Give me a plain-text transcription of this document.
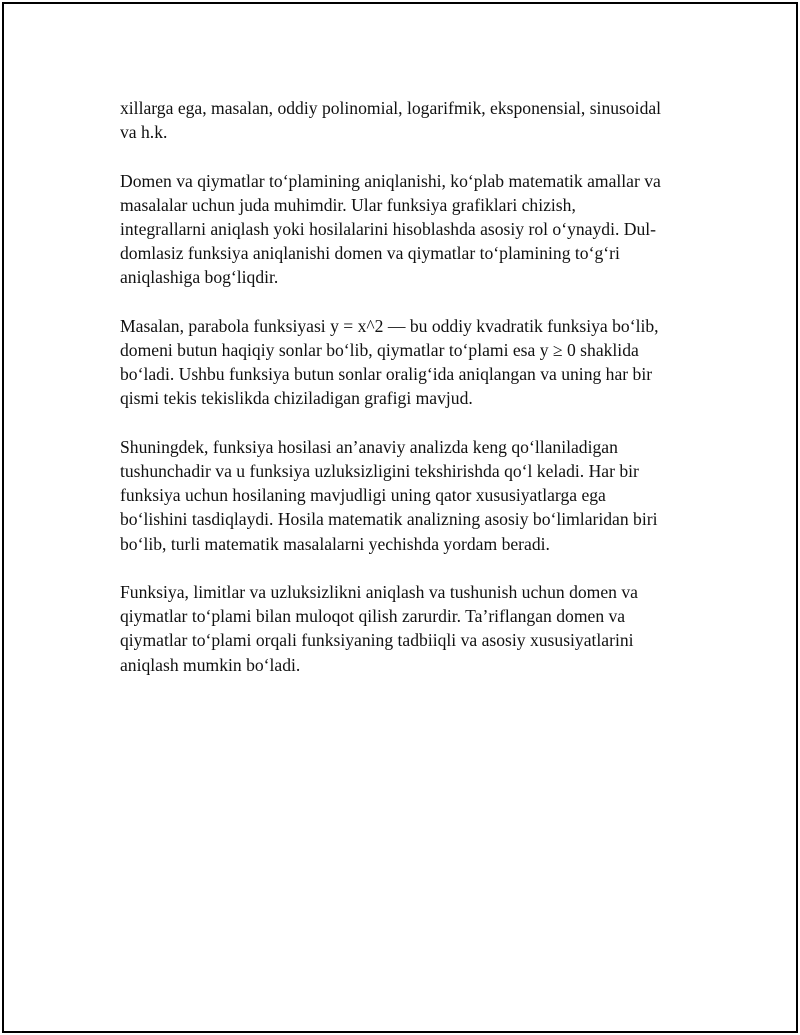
xillarga ega, masalan, oddiy polinomial, logarifmik, eksponensial, sinusoidal
va h.k.

Domen va qiymatlar to‘plamining aniqlanishi, ko‘plab matematik amallar va
masalalar uchun juda muhimdir. Ular funksiya grafiklari chizish,
integrallarni aniqlash yoki hosilalarini hisoblashda asosiy rol o‘ynaydi. Dul-
domlasiz funksiya aniqlanishi domen va qiymatlar to‘plamining to‘g‘ri
aniqlashiga bog‘liqdir.

Masalan, parabola funksiyasi y = x^2 — bu oddiy kvadratik funksiya bo‘lib,
domeni butun haqiqiy sonlar bo‘lib, qiymatlar to‘plami esa y ≥ 0 shaklida
bo‘ladi. Ushbu funksiya butun sonlar oralig‘ida aniqlangan va uning har bir
qismi tekis tekislikda chiziladigan grafigi mavjud.

Shuningdek, funksiya hosilasi an’anaviy analizda keng qo‘llaniladigan
tushunchadir va u funksiya uzluksizligini tekshirishda qo‘l keladi. Har bir
funksiya uchun hosilaning mavjudligi uning qator xususiyatlarga ega
bo‘lishini tasdiqlaydi. Hosila matematik analizning asosiy bo‘limlaridan biri
bo‘lib, turli matematik masalalarni yechishda yordam beradi.

Funksiya, limitlar va uzluksizlikni aniqlash va tushunish uchun domen va
qiymatlar to‘plami bilan muloqot qilish zarurdir. Ta’riflangan domen va
qiymatlar to‘plami orqali funksiyaning tadbiiqli va asosiy xususiyatlarini
aniqlash mumkin bo‘ladi.
